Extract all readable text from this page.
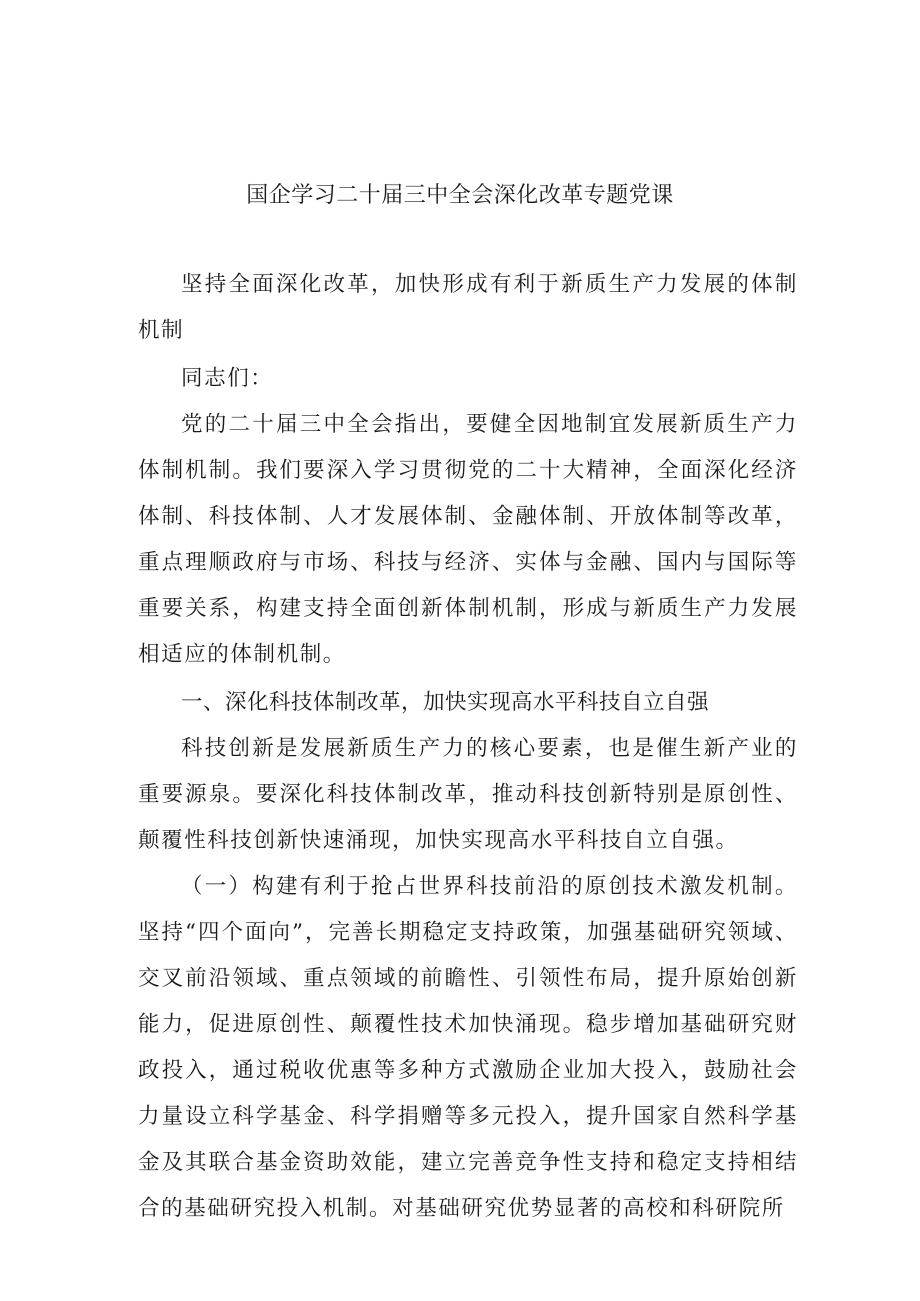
国企学习二十届三中全会深化改革专题党课

坚持全面深化改革，加快形成有利于新质生产力发展的体制机制

同志们：

党的二十届三中全会指出，要健全因地制宜发展新质生产力体制机制。我们要深入学习贯彻党的二十大精神，全面深化经济体制、科技体制、人才发展体制、金融体制、开放体制等改革，重点理顺政府与市场、科技与经济、实体与金融、国内与国际等重要关系，构建支持全面创新体制机制，形成与新质生产力发展相适应的体制机制。

一、深化科技体制改革，加快实现高水平科技自立自强

科技创新是发展新质生产力的核心要素，也是催生新产业的重要源泉。要深化科技体制改革，推动科技创新特别是原创性、颠覆性科技创新快速涌现，加快实现高水平科技自立自强。

（一）构建有利于抢占世界科技前沿的原创技术激发机制。坚持“四个面向”，完善长期稳定支持政策，加强基础研究领域、交叉前沿领域、重点领域的前瞻性、引领性布局，提升原始创新能力，促进原创性、颠覆性技术加快涌现。稳步增加基础研究财政投入，通过税收优惠等多种方式激励企业加大投入，鼓励社会力量设立科学基金、科学捐赠等多元投入，提升国家自然科学基金及其联合基金资助效能，建立完善竞争性支持和稳定支持相结合的基础研究投入机制。对基础研究优势显著的高校和科研院所
